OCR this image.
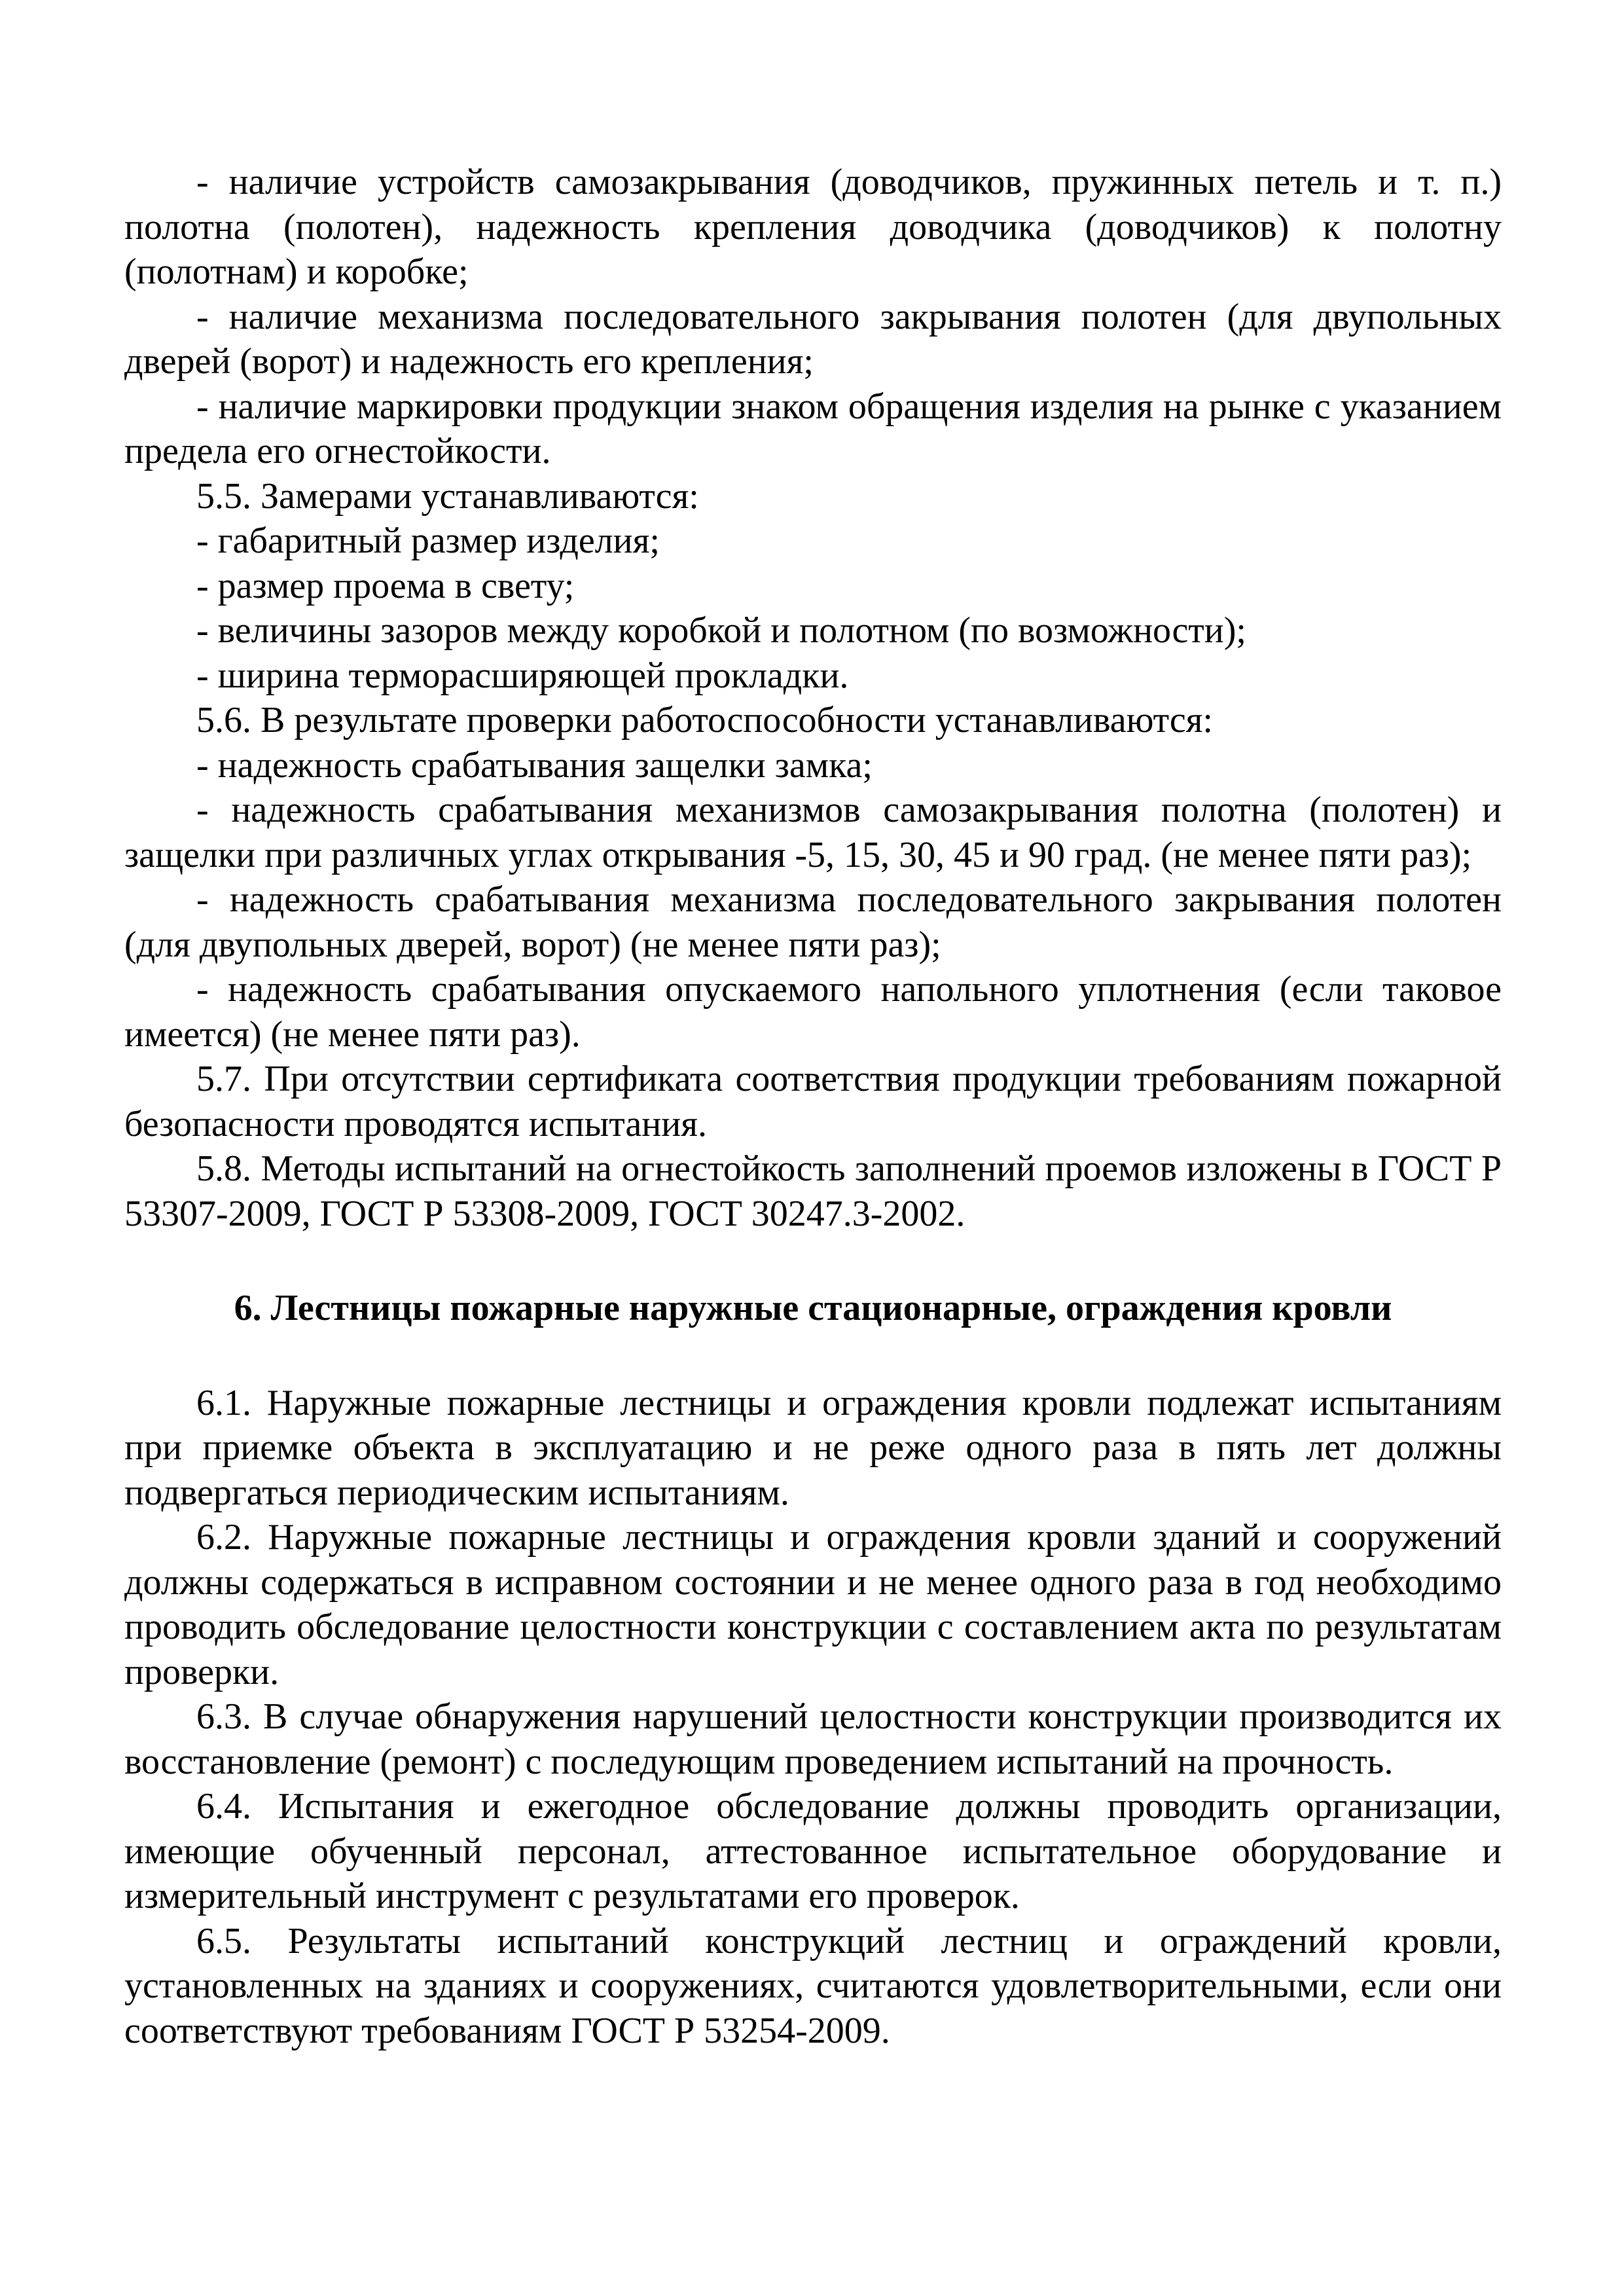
- наличие устройств самозакрывания (доводчиков, пружинных петель и т. п.) полотна (полотен), надежность крепления доводчика (доводчиков) к полотну (полотнам) и коробке;

- наличие механизма последовательного закрывания полотен (для двупольных дверей (ворот) и надежность его крепления;

- наличие маркировки продукции знаком обращения изделия на рынке с указанием предела его огнестойкости.

5.5. Замерами устанавливаются:

- габаритный размер изделия;

- размер проема в свету;

- величины зазоров между коробкой и полотном (по возможности);

- ширина терморасширяющей прокладки.

5.6. В результате проверки работоспособности устанавливаются:

- надежность срабатывания защелки замка;

- надежность срабатывания механизмов самозакрывания полотна (полотен) и защелки при различных углах открывания -5, 15, 30, 45 и 90 град. (не менее пяти раз);

- надежность срабатывания механизма последовательного закрывания полотен (для двупольных дверей, ворот) (не менее пяти раз);

- надежность срабатывания опускаемого напольного уплотнения (если таковое имеется) (не менее пяти раз).

5.7. При отсутствии сертификата соответствия продукции требованиям пожарной безопасности проводятся испытания.

5.8. Методы испытаний на огнестойкость заполнений проемов изложены в ГОСТ Р 53307-2009, ГОСТ Р 53308-2009, ГОСТ 30247.3-2002.

6. Лестницы пожарные наружные стационарные, ограждения кровли

6.1. Наружные пожарные лестницы и ограждения кровли подлежат испытаниям при приемке объекта в эксплуатацию и не реже одного раза в пять лет должны подвергаться периодическим испытаниям.

6.2. Наружные пожарные лестницы и ограждения кровли зданий и сооружений должны содержаться в исправном состоянии и не менее одного раза в год необходимо проводить обследование целостности конструкции с составлением акта по результатам проверки.

6.3. В случае обнаружения нарушений целостности конструкции производится их восстановление (ремонт) с последующим проведением испытаний на прочность.

6.4. Испытания и ежегодное обследование должны проводить организации, имеющие обученный персонал, аттестованное испытательное оборудование и измерительный инструмент с результатами его проверок.

6.5. Результаты испытаний конструкций лестниц и ограждений кровли, установленных на зданиях и сооружениях, считаются удовлетворительными, если они соответствуют требованиям ГОСТ Р 53254-2009.
